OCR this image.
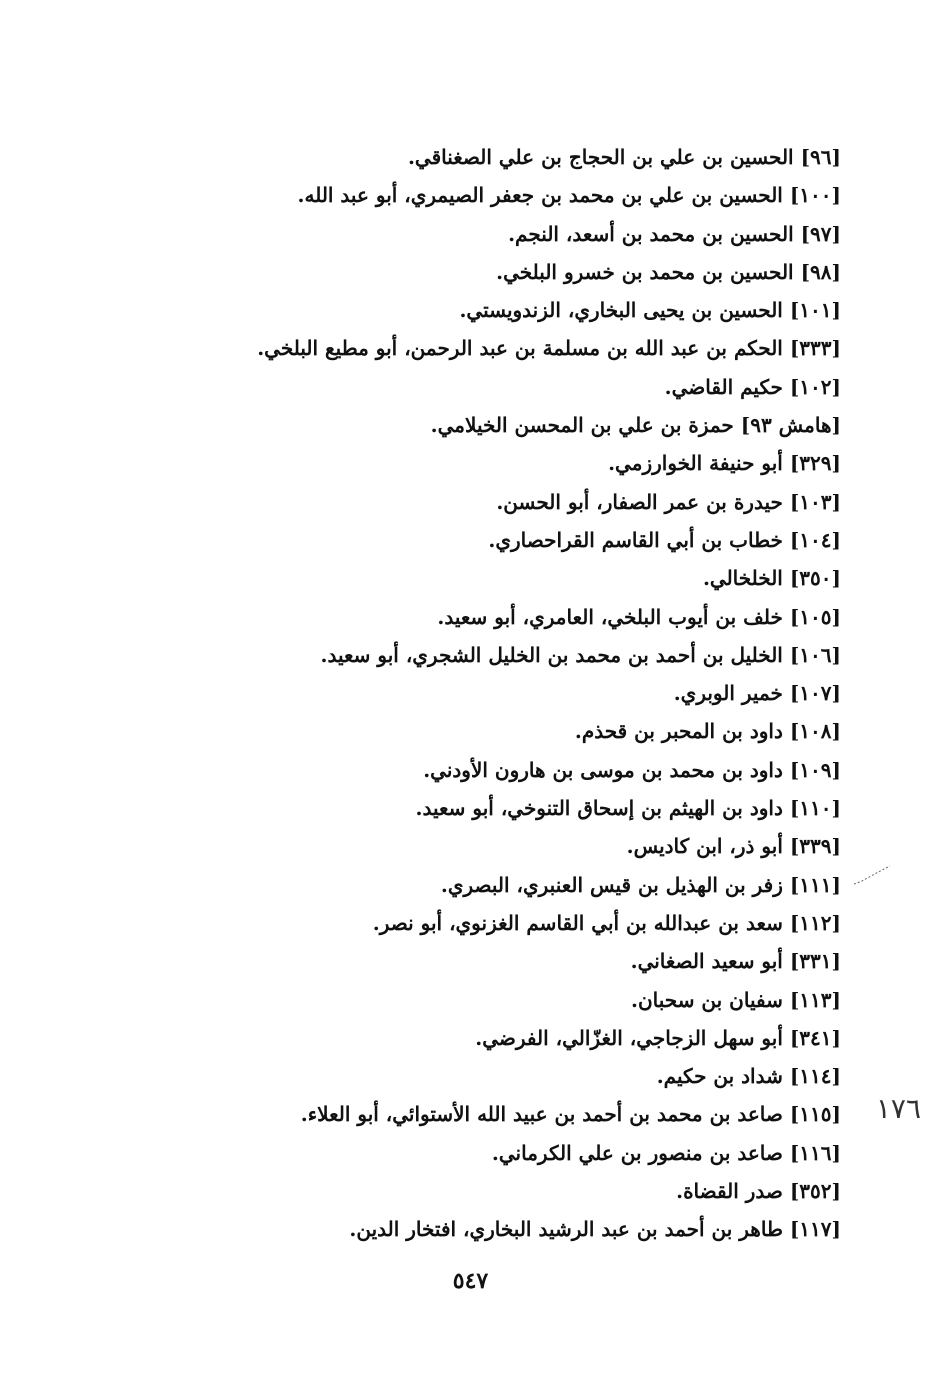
[٩٦] الحسين بن علي بن الحجاج بن علي الصغناقي.
[١٠٠] الحسين بن علي بن محمد بن جعفر الصيمري، أبو عبد الله.
[٩٧] الحسين بن محمد بن أسعد، النجم.
[٩٨] الحسين بن محمد بن خسرو البلخي.
[١٠١] الحسين بن يحيى البخاري، الزندويستي.
[٣٣٣] الحكم بن عبد الله بن مسلمة بن عبد الرحمن، أبو مطيع البلخي.
[١٠٢] حكيم القاضي.
[هامش ٩٣] حمزة بن علي بن المحسن الخيلامي.
[٣٢٩] أبو حنيفة الخوارزمي.
[١٠٣] حيدرة بن عمر الصفار، أبو الحسن.
[١٠٤] خطاب بن أبي القاسم القراحصاري.
[٣٥٠] الخلخالي.
[١٠٥] خلف بن أيوب البلخي، العامري، أبو سعيد.
[١٠٦] الخليل بن أحمد بن محمد بن الخليل الشجري، أبو سعيد.
[١٠٧] خمير الوبري.
[١٠٨] داود بن المحبر بن قحذم.
[١٠٩] داود بن محمد بن موسى بن هارون الأودني.
[١١٠] داود بن الهيثم بن إسحاق التنوخي، أبو سعيد.
[٣٣٩] أبو ذر، ابن كاديس.
[١١١] زفر بن الهذيل بن قيس العنبري، البصري.
[١١٢] سعد بن عبدالله بن أبي القاسم الغزنوي، أبو نصر.
[٣٣١] أبو سعيد الصغاني.
[١١٣] سفيان بن سحبان.
[٣٤١] أبو سهل الزجاجي، الغزّالي، الفرضي.
[١١٤] شداد بن حكيم.
[١١٥] صاعد بن محمد بن أحمد بن عبيد الله الأستوائي، أبو العلاء.
[١١٦] صاعد بن منصور بن علي الكرماني.
[٣٥٢] صدر القضاة.
[١١٧] طاهر بن أحمد بن عبد الرشيد البخاري، افتخار الدين.
١٧٦
٥٤٧
